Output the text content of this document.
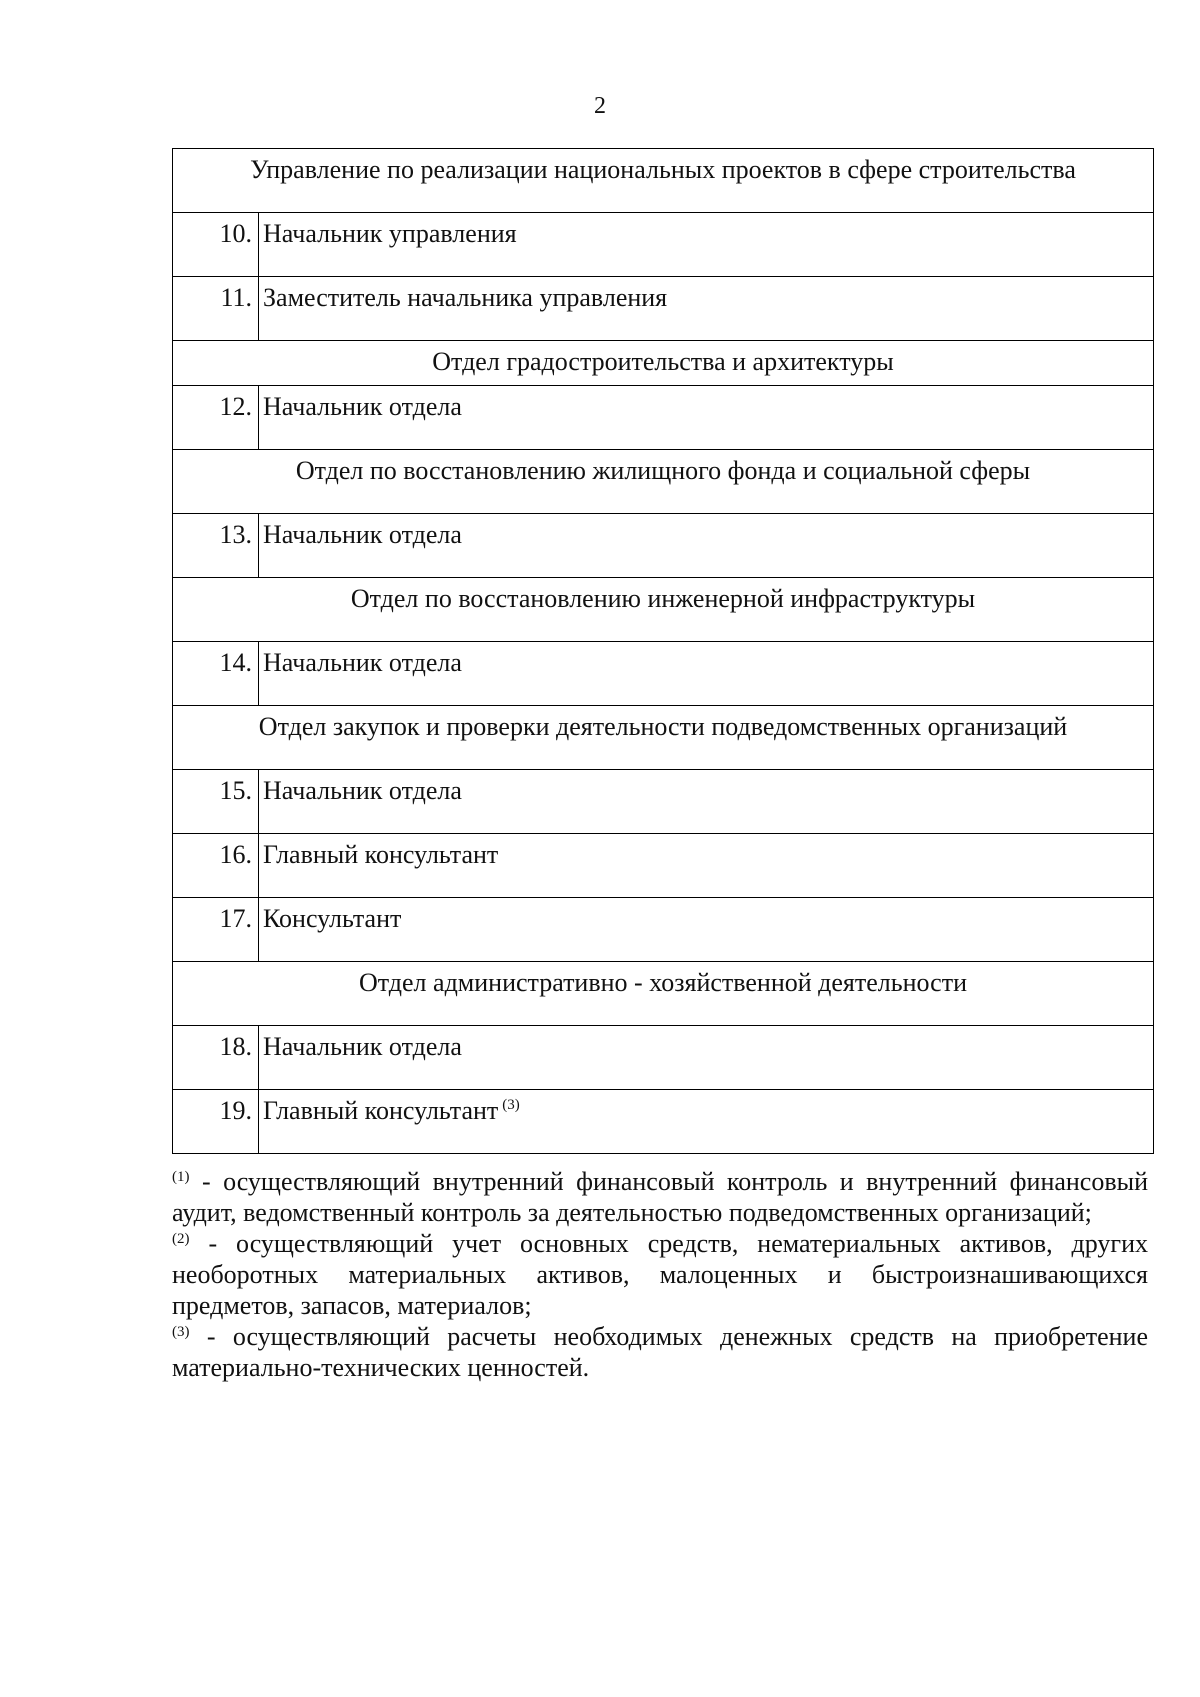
2
Управление по реализации национальных проектов в сфере строительства	
10.	Начальник управления
11.	Заместитель начальника управления
Отдел градостроительства и архитектуры	
12.	Начальник отдела
Отдел по восстановлению жилищного фонда и социальной сферы	
13.	Начальник отдела
Отдел по восстановлению инженерной инфраструктуры	
14.	Начальник отдела
Отдел закупок и проверки деятельности подведомственных организаций	
15.	Начальник отдела
16.	Главный консультант
17.	Консультант
Отдел административно - хозяйственной деятельности	
18.	Начальник отдела
19.	Главный консультант $^{(3)}$

$^{(1)}$ - осуществляющий внутренний финансовый контроль и внутренний финансовый аудит, ведомственный контроль за деятельностью подведомственных организаций;

$^{(2)}$ - осуществляющий учет основных средств, нематериальных активов, других необоротных материальных активов, малоценных и быстроизнашивающихся предметов, запасов, материалов;

$^{(3)}$ - осуществляющий расчеты необходимых денежных средств на приобретение материально-технических ценностей.
